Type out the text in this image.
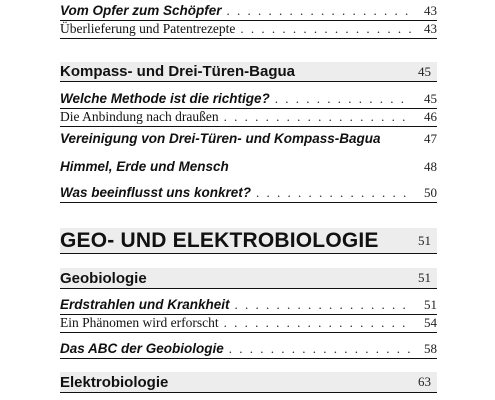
Vom Opfer zum Schöpfer . . .	43
Überlieferung und Patentrezepte . . .	43
Kompass- und Drei-Türen-Bagua	45
Welche Methode ist die richtige? . . .	45
Die Anbindung nach draußen . . .	46
Vereinigung von Drei-Türen- und Kompass-Bagua	47
Himmel, Erde und Mensch	48
Was beeinflusst uns konkret? . . .	50
GEO- UND ELEKTROBIOLOGIE	51
Geobiologie	51
Erdstrahlen und Krankheit . . .	51
Ein Phänomen wird erforscht . . .	54
Das ABC der Geobiologie . . .	58
Elektrobiologie	63
